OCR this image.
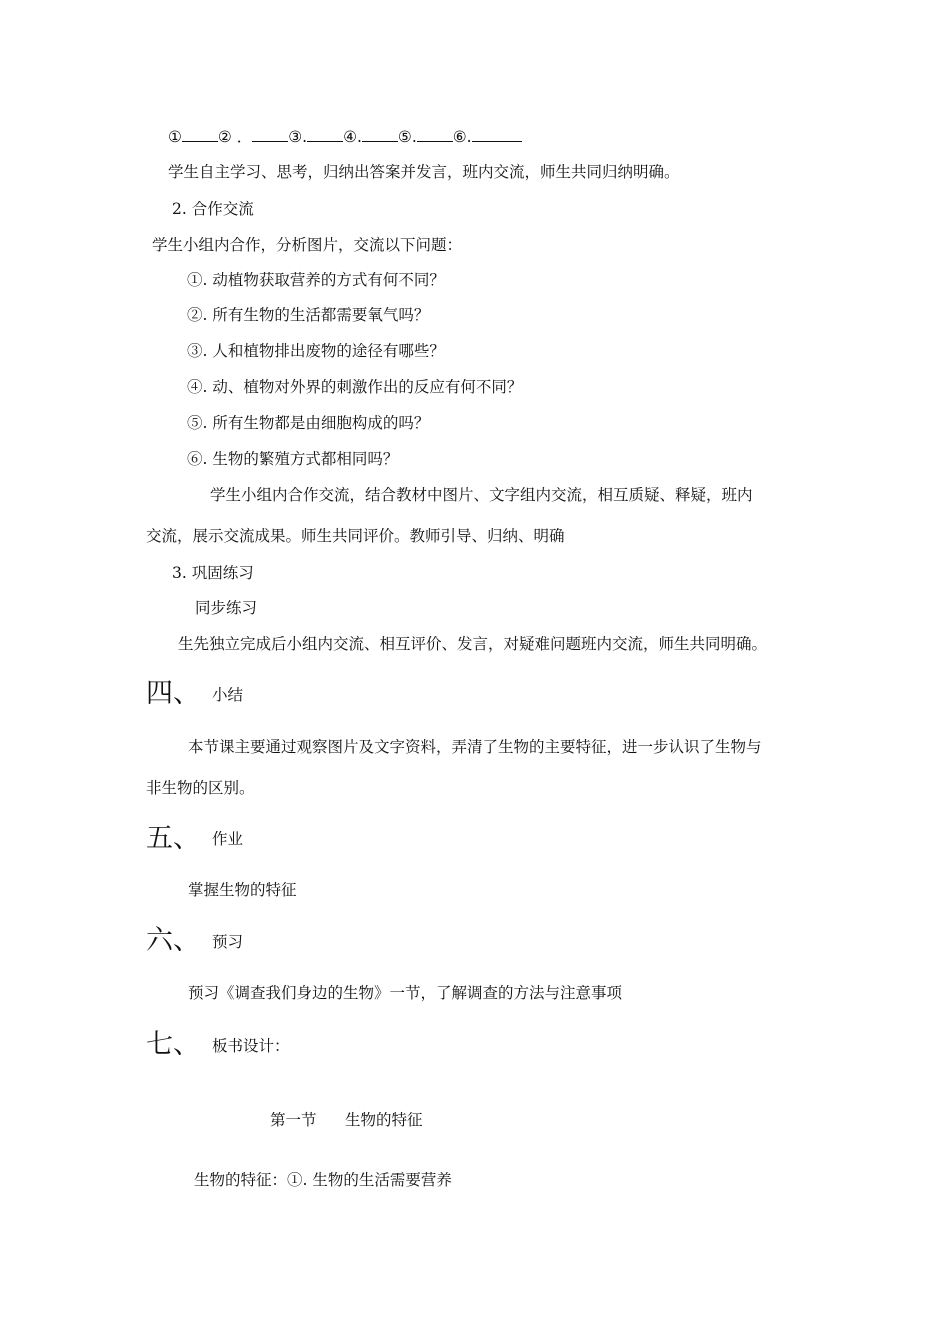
① ② ． ③. ④. ⑤. ⑥.
学生自主学习、思考，归纳出答案并发言，班内交流，师生共同归纳明确。
2. 合作交流
学生小组内合作，分析图片，交流以下问题：
①. 动植物获取营养的方式有何不同？
②. 所有生物的生活都需要氧气吗？
③. 人和植物排出废物的途径有哪些？
④. 动、植物对外界的刺激作出的反应有何不同？
⑤. 所有生物都是由细胞构成的吗？
⑥. 生物的繁殖方式都相同吗？
学生小组内合作交流，结合教材中图片、文字组内交流，相互质疑、释疑，班内
交流，展示交流成果。师生共同评价。教师引导、归纳、明确
3. 巩固练习
同步练习
生先独立完成后小组内交流、相互评价、发言，对疑难问题班内交流，师生共同明确。
四、 小结
本节课主要通过观察图片及文字资料，弄清了生物的主要特征，进一步认识了生物与
非生物的区别。
五、 作业
掌握生物的特征
六、 预习
预习《调查我们身边的生物》一节，了解调查的方法与注意事项
七、 板书设计：
第一节 生物的特征
生物的特征：①. 生物的生活需要营养
